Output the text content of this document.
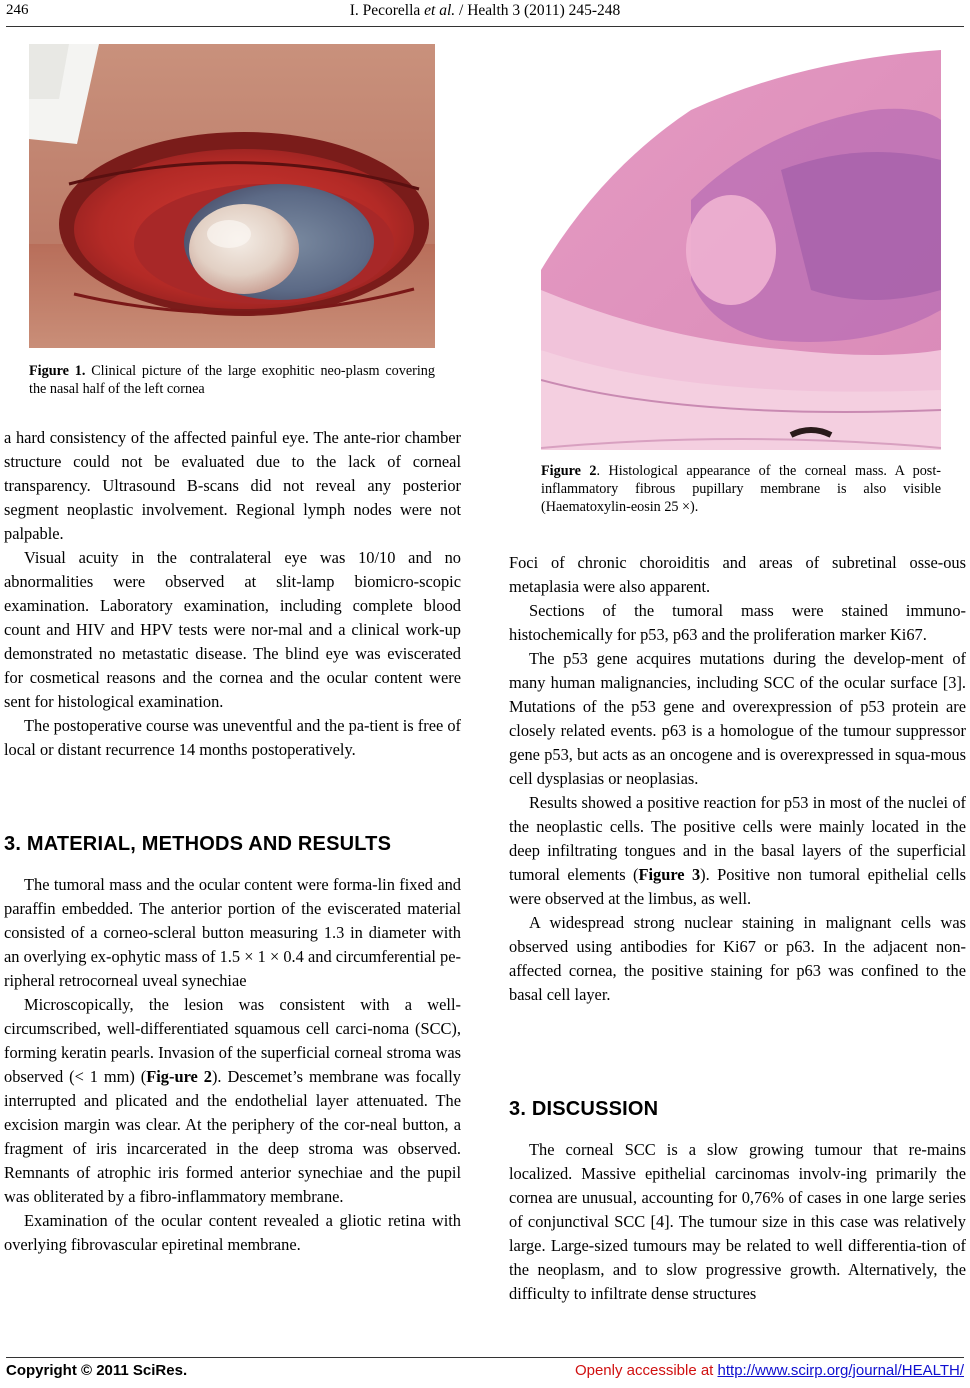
246	I. Pecorella et al. / Health 3 (2011) 245-248
Figure 1. Clinical picture of the large exophitic neo-plasm covering the nasal half of the left cornea
Figure 2. Histological appearance of the corneal mass. A post-inflammatory fibrous pupillary membrane is also visible (Haematoxylin-eosin 25 ×).

a hard consistency of the affected painful eye. The ante-rior chamber structure could not be evaluated due to the lack of corneal transparency. Ultrasound B-scans did not reveal any posterior segment neoplastic involvement. Regional lymph nodes were not palpable.

Visual acuity in the contralateral eye was 10/10 and no abnormalities were observed at slit-lamp biomicro-scopic examination. Laboratory examination, including complete blood count and HIV and HPV tests were nor-mal and a clinical work-up demonstrated no metastatic disease. The blind eye was eviscerated for cosmetical reasons and the cornea and the ocular content were sent for histological examination.

The postoperative course was uneventful and the pa-tient is free of local or distant recurrence 14 months postoperatively.

3. MATERIAL, METHODS AND RESULTS

The tumoral mass and the ocular content were forma-lin fixed and paraffin embedded. The anterior portion of the eviscerated material consisted of a corneo-scleral button measuring 1.3 in diameter with an overlying ex-ophytic mass of 1.5 × 1 × 0.4 and circumferential pe-ripheral retrocorneal uveal synechiae

Microscopically, the lesion was consistent with a well-circumscribed, well-differentiated squamous cell carci-noma (SCC), forming keratin pearls. Invasion of the superficial corneal stroma was observed (< 1 mm) (Fig-ure 2). Descemet’s membrane was focally interrupted and plicated and the endothelial layer attenuated. The excision margin was clear. At the periphery of the cor-neal button, a fragment of iris incarcerated in the deep stroma was observed. Remnants of atrophic iris formed anterior synechiae and the pupil was obliterated by a fibro-inflammatory membrane.

Examination of the ocular content revealed a gliotic retina with overlying fibrovascular epiretinal membrane.

Foci of chronic choroiditis and areas of subretinal osse-ous metaplasia were also apparent.

Sections of the tumoral mass were stained immuno-histochemically for p53, p63 and the proliferation marker Ki67.

The p53 gene acquires mutations during the develop-ment of many human malignancies, including SCC of the ocular surface [3]. Mutations of the p53 gene and overexpression of p53 protein are closely related events. p63 is a homologue of the tumour suppressor gene p53, but acts as an oncogene and is overexpressed in squa-mous cell dysplasias or neoplasias.

Results showed a positive reaction for p53 in most of the nuclei of the neoplastic cells. The positive cells were mainly located in the deep infiltrating tongues and in the basal layers of the superficial tumoral elements (Figure 3). Positive non tumoral epithelial cells were observed at the limbus, as well.

A widespread strong nuclear staining in malignant cells was observed using antibodies for Ki67 or p63. In the adjacent non-affected cornea, the positive staining for p63 was confined to the basal cell layer.

3. DISCUSSION

The corneal SCC is a slow growing tumour that re-mains localized. Massive epithelial carcinomas involv-ing primarily the cornea are unusual, accounting for 0,76% of cases in one large series of conjunctival SCC [4]. The tumour size in this case was relatively large. Large-sized tumours may be related to well differentia-tion of the neoplasm, and to slow progressive growth. Alternatively, the difficulty to infiltrate dense structures

Copyright © 2011 SciRes.	Openly accessible at http://www.scirp.org/journal/HEALTH/
